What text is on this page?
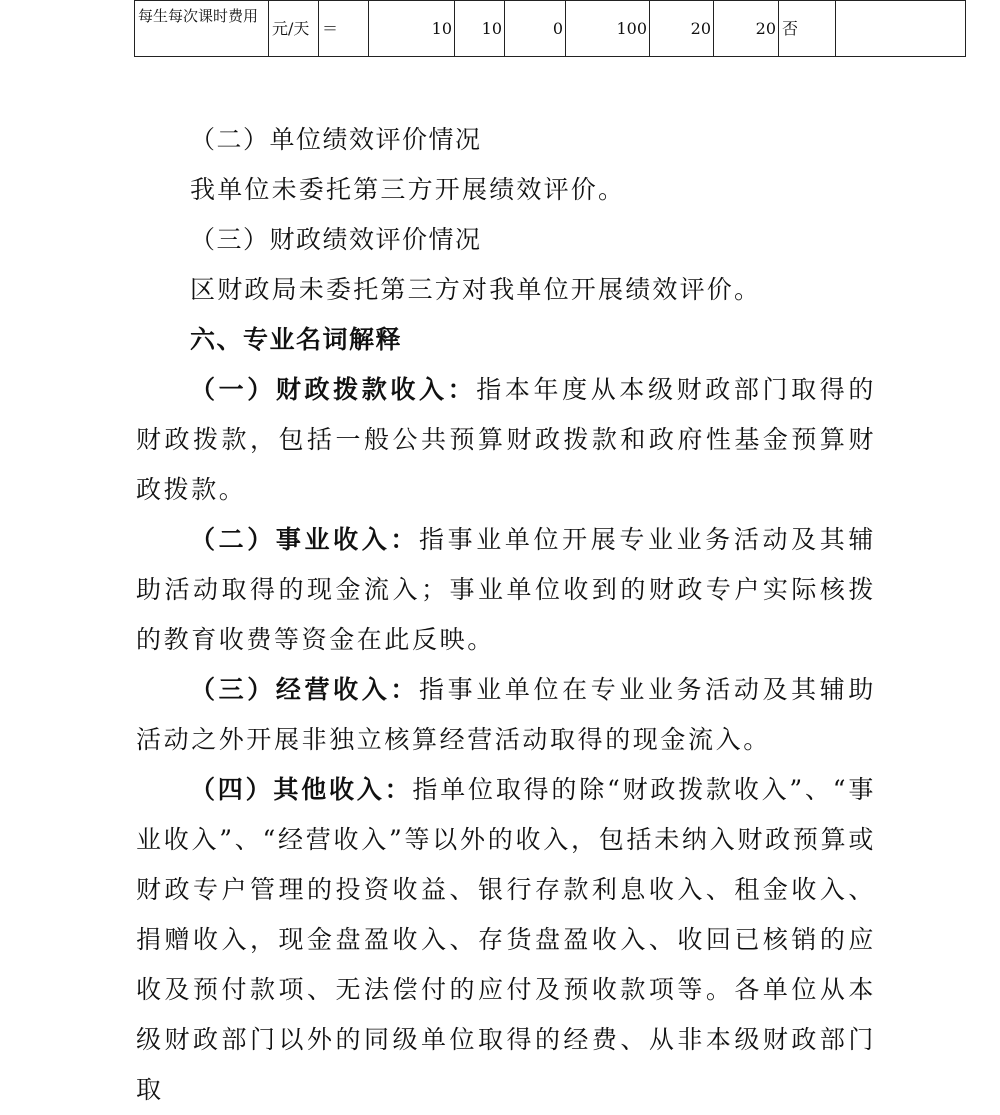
每生每次课时费用	元/天	＝	10	10	0	100	20	20	否	

（二）单位绩效评价情况

我单位未委托第三方开展绩效评价。

（三）财政绩效评价情况

区财政局未委托第三方对我单位开展绩效评价。

六、专业名词解释

（一）财政拨款收入：指本年度从本级财政部门取得的财政拨款，包括一般公共预算财政拨款和政府性基金预算财政拨款。

（二）事业收入：指事业单位开展专业业务活动及其辅助活动取得的现金流入；事业单位收到的财政专户实际核拨的教育收费等资金在此反映。

（三）经营收入：指事业单位在专业业务活动及其辅助活动之外开展非独立核算经营活动取得的现金流入。

（四）其他收入：指单位取得的除“财政拨款收入”、“事业收入”、“经营收入”等以外的收入，包括未纳入财政预算或财政专户管理的投资收益、银行存款利息收入、租金收入、捐赠收入，现金盘盈收入、存货盘盈收入、收回已核销的应收及预付款项、无法偿付的应付及预收款项等。各单位从本级财政部门以外的同级单位取得的经费、从非本级财政部门取
